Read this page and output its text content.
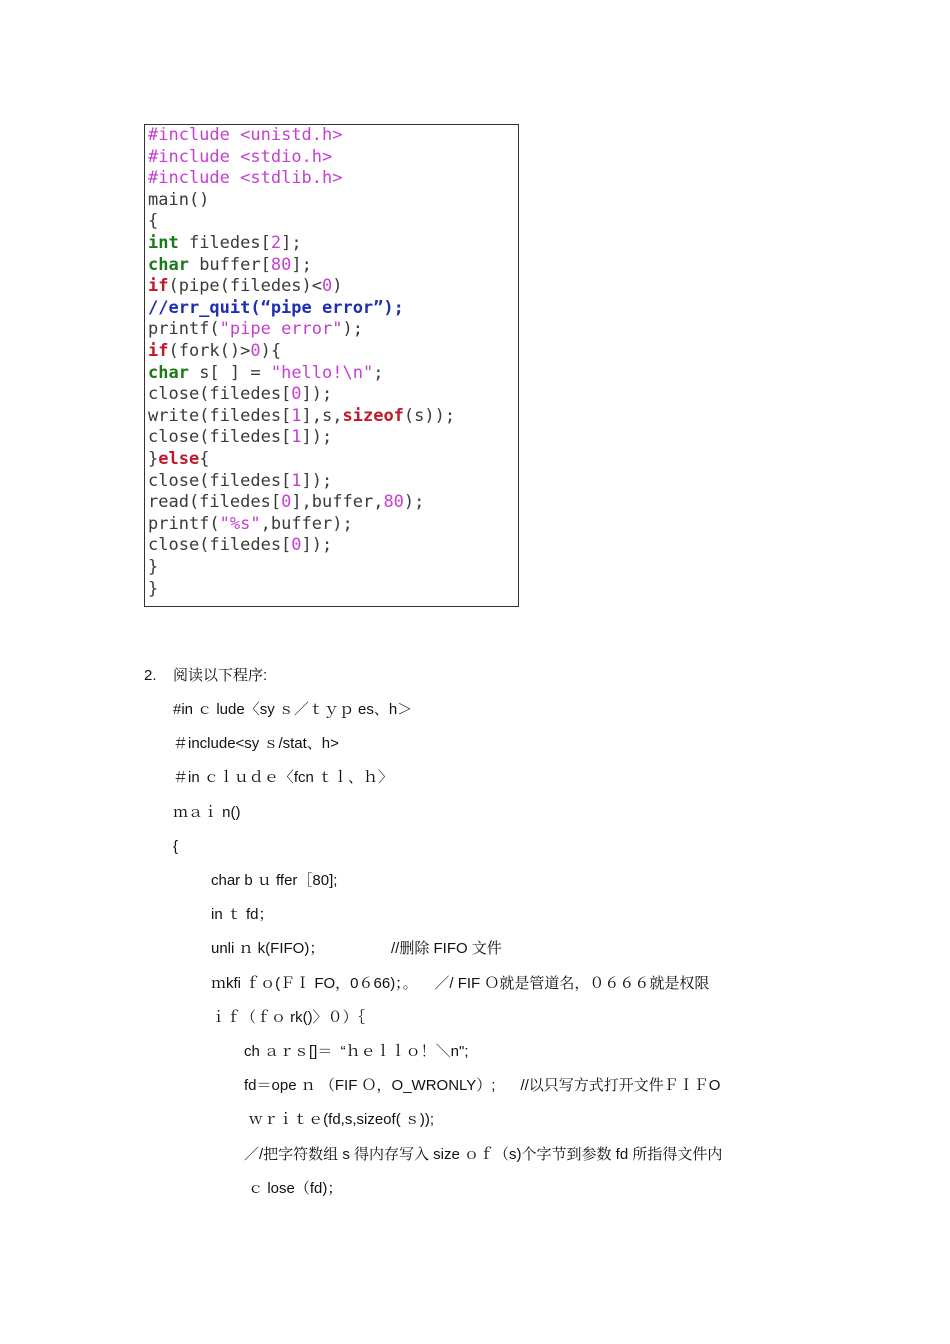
#include <unistd.h>
#include <stdio.h>
#include <stdlib.h>
main()
{
int filedes[2];
char buffer[80];
if(pipe(filedes)<0)
//err_quit(“pipe error”);
printf("pipe error");
if(fork()>0){
char s[ ] = "hello!\n";
close(filedes[0]);
write(filedes[1],s,sizeof(s));
close(filedes[1]);
}else{
close(filedes[1]);
read(filedes[0],buffer,80);
printf("%s",buffer);
close(filedes[0]);
}
}
2. 阅读以下程序:
#in ｃ lude〈sy ｓ／ｔｙｐ es、h＞
＃include<sy ｓ/stat、h>
＃in ｃｌｕｄｅ〈fcn ｔｌ、ｈ〉
ｍａｉ n()
{
char b ｕ ffer［80];
in ｔ fd；
unli ｎ k(FIFO)；                //删除 FIFO 文件
ｍkfi ｆｏ(ＦＩ FO，0６66)；。    ／/ FIF Ｏ就是管道名，０６６６就是权限
ｉｆ（ｆｏ rk()〉０）｛
ch ａｒｓ[]＝  “ｈｅｌｌｏ！＼n";
fd＝ope ｎ （FIF Ｏ，O_WRONLY）;      //以只写方式打开文件ＦＩＦO
ｗｒｉｔｅ(fd,s,sizeof( ｓ));
／/把字符数组 s 得内存写入 size ｏｆ（s)个字节到参数 fd 所指得文件内
ｃ lose（fd)；
